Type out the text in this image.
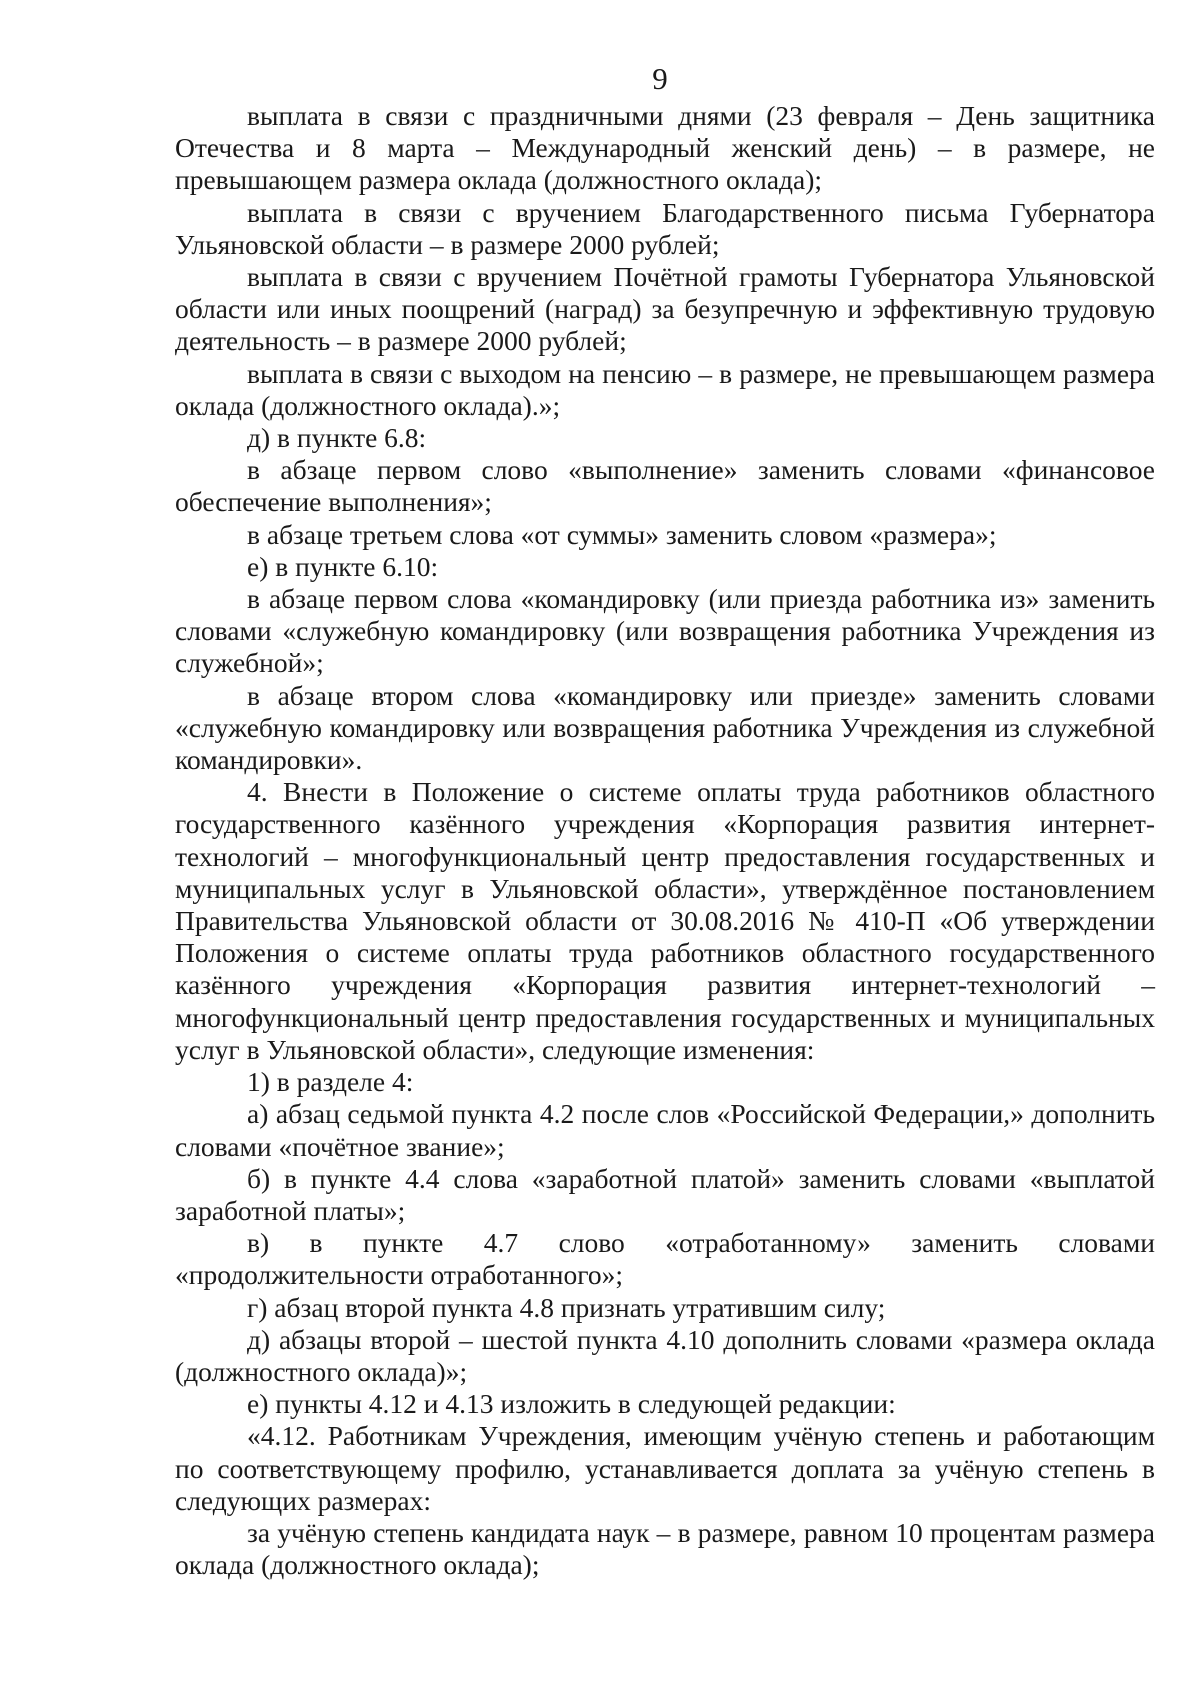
9

выплата в связи с праздничными днями (23 февраля – День защитника Отечества и 8 марта – Международный женский день) – в размере, не превышающем размера оклада (должностного оклада);

выплата в связи с вручением Благодарственного письма Губернатора Ульяновской области – в размере 2000 рублей;

выплата в связи с вручением Почётной грамоты Губернатора Ульяновской области или иных поощрений (наград) за безупречную и эффективную трудовую деятельность – в размере 2000 рублей;

выплата в связи с выходом на пенсию – в размере, не превышающем размера оклада (должностного оклада).»;

д) в пункте 6.8:

в абзаце первом слово «выполнение» заменить словами «финансовое обеспечение выполнения»;

в абзаце третьем слова «от суммы» заменить словом «размера»;

е) в пункте 6.10:

в абзаце первом слова «командировку (или приезда работника из» заменить словами «служебную командировку (или возвращения работника Учреждения из служебной»;

в абзаце втором слова «командировку или приезде» заменить словами «служебную командировку или возвращения работника Учреждения из служебной командировки».

4. Внести в Положение о системе оплаты труда работников областного государственного казённого учреждения «Корпорация развития интернет-технологий – многофункциональный центр предоставления государственных и муниципальных услуг в Ульяновской области», утверждённое постановлением Правительства Ульяновской области от 30.08.2016 № 410-П «Об утверждении Положения о системе оплаты труда работников областного государственного казённого учреждения «Корпорация развития интернет-технологий – многофункциональный центр предоставления государственных и муниципальных услуг в Ульяновской области», следующие изменения:

1) в разделе 4:

а) абзац седьмой пункта 4.2 после слов «Российской Федерации,» дополнить словами «почётное звание»;

б) в пункте 4.4 слова «заработной платой» заменить словами «выплатой заработной платы»;

в) в пункте 4.7 слово «отработанному» заменить словами «продолжительности отработанного»;

г) абзац второй пункта 4.8 признать утратившим силу;

д) абзацы второй – шестой пункта 4.10 дополнить словами «размера оклада (должностного оклада)»;

е) пункты 4.12 и 4.13 изложить в следующей редакции:

«4.12. Работникам Учреждения, имеющим учёную степень и работающим по соответствующему профилю, устанавливается доплата за учёную степень в следующих размерах:

за учёную степень кандидата наук – в размере, равном 10 процентам размера оклада (должностного оклада);
